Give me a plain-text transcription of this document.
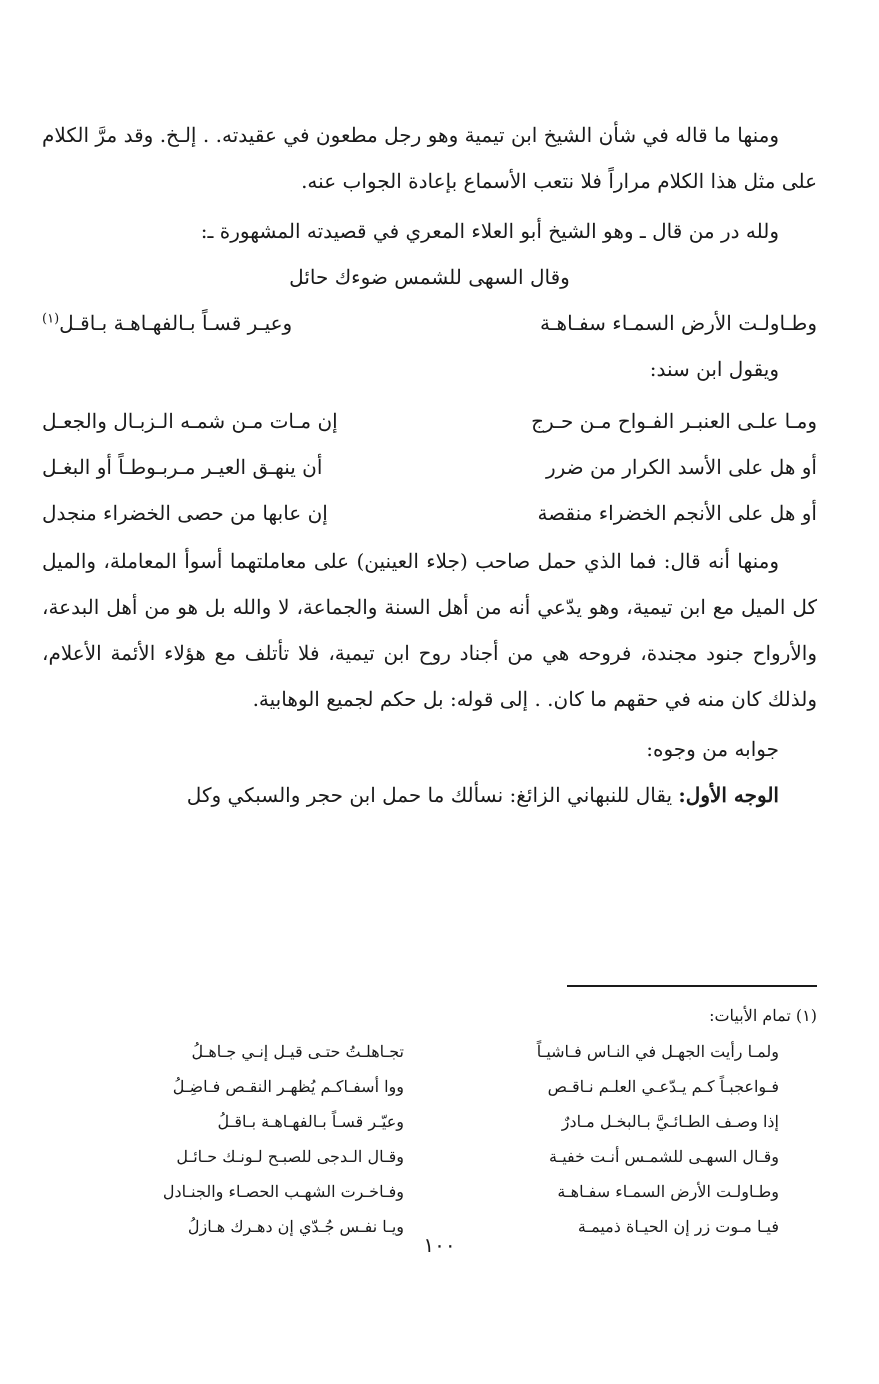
ومنها ما قاله في شأن الشيخ ابن تيمية وهو رجل مطعون في عقيدته. . إلـخ. وقد مرَّ الكلام على مثل هذا الكلام مراراً فلا نتعب الأسماع بإعادة الجواب عنه.

ولله در من قال ـ وهو الشيخ أبو العلاء المعري في قصيدته المشهورة ـ:

وقال السهى للشمس ضوءك حائل

وطـاولـت الأرض السمـاء سفـاهـة
وعيـر قسـاً بـالفهـاهـة بـاقـل$^{(١)}$

ويقول ابن سند:

ومـا علـى العنبـر الفـواح مـن حـرج
إن مـات مـن شمـه الـزبـال والجعـل
أو هل على الأسد الكرار من ضرر
أن ينهـق العيـر مـربـوطـاً أو البغـل
أو هل على الأنجم الخضراء منقصة
إن عابها من حصى الخضراء منجدل

ومنها أنه قال: فما الذي حمل صاحب (جلاء العينين) على معاملتهما أسوأ المعاملة، والميل كل الميل مع ابن تيمية، وهو يدّعي أنه من أهل السنة والجماعة، لا والله بل هو من أهل البدعة، والأرواح جنود مجندة، فروحه هي من أجناد روح ابن تيمية، فلا تأتلف مع هؤلاء الأئمة الأعلام، ولذلك كان منه في حقهم ما كان. . إلى قوله: بل حكم لجميع الوهابية.

جوابه من وجوه:

الوجه الأول: يقال للنبهاني الزائغ: نسألك ما حمل ابن حجر والسبكي وكل

(١) تمام الأبيات:

ولمـا رأيت الجهـل في النـاس فـاشيـاً
تجـاهلـتُ حتـى قيـل إنـي جـاهـلُ
فـواعجبـاً كـم يـدّعـي العلـم نـاقـص
ووا أسفـاكـم يُظهـر النقـص فـاضِـلُ
إذا وصـف الطـائـيَّ بـالبخـل مـادرٌ
وعيّـر قسـاً بـالفهـاهـة بـاقـلُ
وقـال السهـى للشمـس أنـت خفيـة
وقـال الـدجى للصبـح لـونـك حـائـل
وطـاولـت الأرض السمـاء سفـاهـة
وفـاخـرت الشهـب الحصـاء والجنـادل
فيـا مـوت زر إن الحيـاة ذميمـة
ويـا نفـس جُـدّي إن دهـرك هـازلُ
١٠٠
